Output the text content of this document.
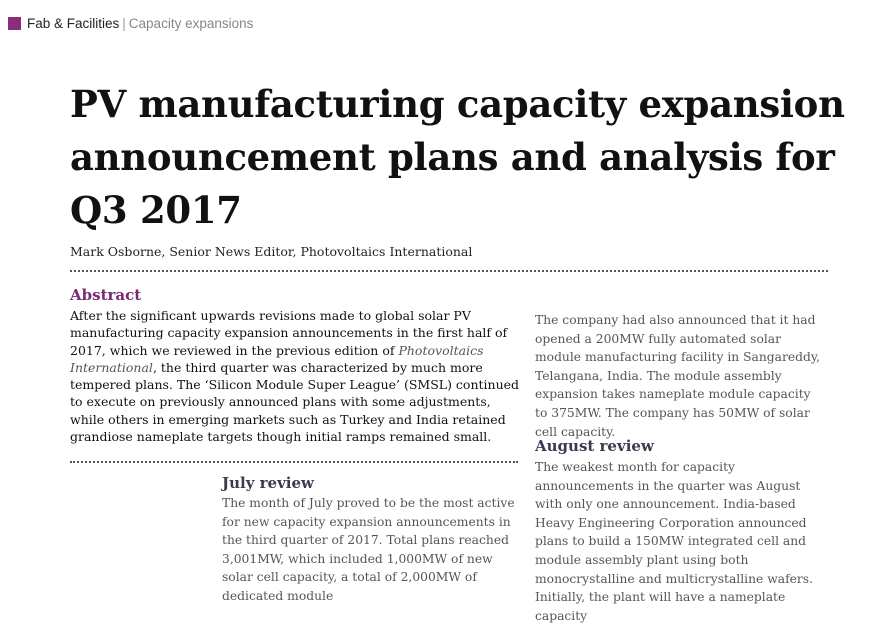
Fab & Facilities | Capacity expansions
PV manufacturing capacity expansion announcement plans and analysis for Q3 2017
Mark Osborne, Senior News Editor, Photovoltaics International
Abstract

After the significant upwards revisions made to global solar PV manufacturing capacity expansion announcements in the first half of 2017, which we reviewed in the previous edition of Photovoltaics International, the third quarter was characterized by much more tempered plans. The ‘Silicon Module Super League’ (SMSL) continued to execute on previously announced plans with some adjustments, while others in emerging markets such as Turkey and India retained grandiose nameplate targets though initial ramps remained small.

July review

The month of July proved to be the most active for new capacity expansion announcements in the third quarter of 2017. Total plans reached 3,001MW, which included 1,000MW of new solar cell capacity, a total of 2,000MW of dedicated module

The company had also announced that it had opened a 200MW fully automated solar module manufacturing facility in Sangareddy, Telangana, India. The module assembly expansion takes nameplate module capacity to 375MW. The company has 50MW of solar cell capacity.

August review

The weakest month for capacity announcements in the quarter was August with only one announcement. India-based Heavy Engineering Corporation announced plans to build a 150MW integrated cell and module assembly plant using both monocrystalline and multicrystalline wafers. Initially, the plant will have a nameplate capacity
